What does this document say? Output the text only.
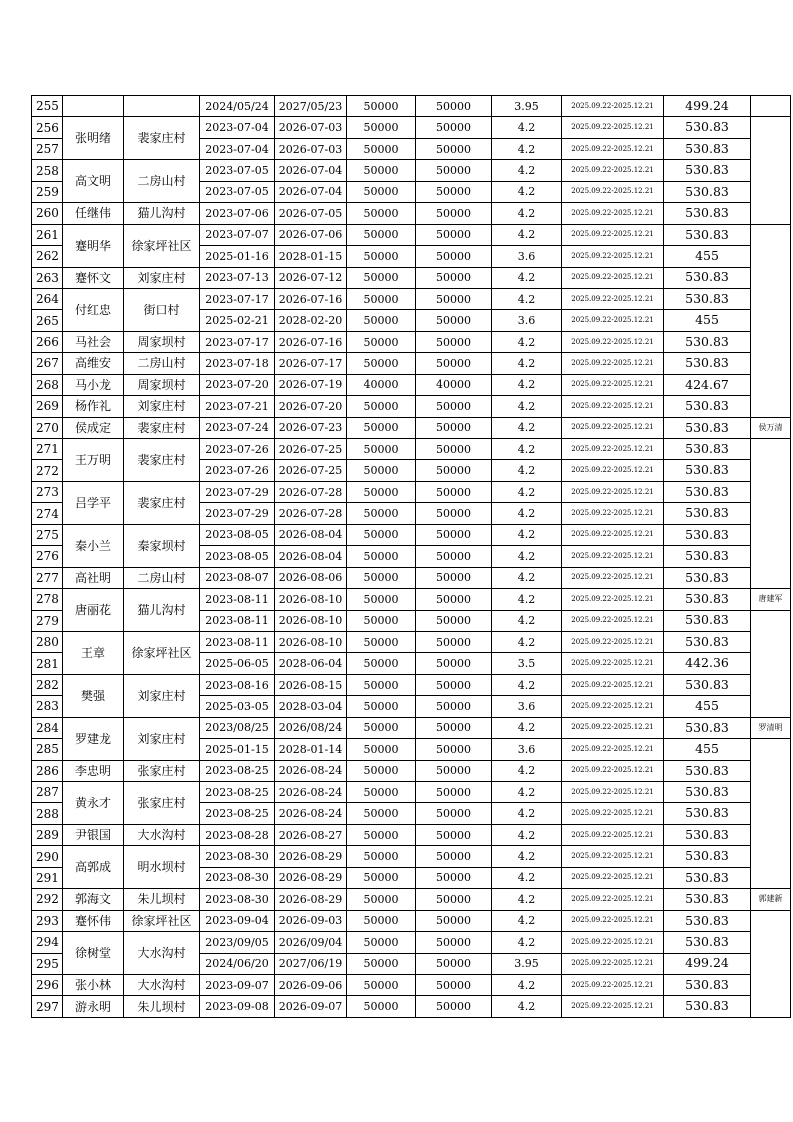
255			2024/05/24	2027/05/23	50000	50000	3.95	2025.09.22-2025.12.21	499.24	
256	张明绪	裴家庄村	2023-07-04	2026-07-03	50000	50000	4.2	2025.09.22-2025.12.21	530.83	
257			2023-07-04	2026-07-03	50000	50000	4.2	2025.09.22-2025.12.21	530.83	
258	高文明	二房山村	2023-07-05	2026-07-04	50000	50000	4.2	2025.09.22-2025.12.21	530.83	
259			2023-07-05	2026-07-04	50000	50000	4.2	2025.09.22-2025.12.21	530.83	
260	任继伟	猫儿沟村	2023-07-06	2026-07-05	50000	50000	4.2	2025.09.22-2025.12.21	530.83	
261	蹇明华	徐家坪社区	2023-07-07	2026-07-06	50000	50000	4.2	2025.09.22-2025.12.21	530.83	
262			2025-01-16	2028-01-15	50000	50000	3.6	2025.09.22-2025.12.21	455	
263	蹇怀文	刘家庄村	2023-07-13	2026-07-12	50000	50000	4.2	2025.09.22-2025.12.21	530.83	
264	付红忠	街口村	2023-07-17	2026-07-16	50000	50000	4.2	2025.09.22-2025.12.21	530.83	
265			2025-02-21	2028-02-20	50000	50000	3.6	2025.09.22-2025.12.21	455	
266	马社会	周家坝村	2023-07-17	2026-07-16	50000	50000	4.2	2025.09.22-2025.12.21	530.83	
267	高维安	二房山村	2023-07-18	2026-07-17	50000	50000	4.2	2025.09.22-2025.12.21	530.83	
268	马小龙	周家坝村	2023-07-20	2026-07-19	40000	40000	4.2	2025.09.22-2025.12.21	424.67	
269	杨作礼	刘家庄村	2023-07-21	2026-07-20	50000	50000	4.2	2025.09.22-2025.12.21	530.83	
270	侯成定	裴家庄村	2023-07-24	2026-07-23	50000	50000	4.2	2025.09.22-2025.12.21	530.83	侯万清
271	王万明	裴家庄村	2023-07-26	2026-07-25	50000	50000	4.2	2025.09.22-2025.12.21	530.83	
272			2023-07-26	2026-07-25	50000	50000	4.2	2025.09.22-2025.12.21	530.83	
273	吕学平	裴家庄村	2023-07-29	2026-07-28	50000	50000	4.2	2025.09.22-2025.12.21	530.83	
274			2023-07-29	2026-07-28	50000	50000	4.2	2025.09.22-2025.12.21	530.83	
275	秦小兰	秦家坝村	2023-08-05	2026-08-04	50000	50000	4.2	2025.09.22-2025.12.21	530.83	
276			2023-08-05	2026-08-04	50000	50000	4.2	2025.09.22-2025.12.21	530.83	
277	高社明	二房山村	2023-08-07	2026-08-06	50000	50000	4.2	2025.09.22-2025.12.21	530.83	
278	唐丽花	猫儿沟村	2023-08-11	2026-08-10	50000	50000	4.2	2025.09.22-2025.12.21	530.83	唐建军
279			2023-08-11	2026-08-10	50000	50000	4.2	2025.09.22-2025.12.21	530.83	
280	王章	徐家坪社区	2023-08-11	2026-08-10	50000	50000	4.2	2025.09.22-2025.12.21	530.83	
281			2025-06-05	2028-06-04	50000	50000	3.5	2025.09.22-2025.12.21	442.36	
282	樊强	刘家庄村	2023-08-16	2026-08-15	50000	50000	4.2	2025.09.22-2025.12.21	530.83	
283			2025-03-05	2028-03-04	50000	50000	3.6	2025.09.22-2025.12.21	455	
284	罗建龙	刘家庄村	2023/08/25	2026/08/24	50000	50000	4.2	2025.09.22-2025.12.21	530.83	罗清明
285			2025-01-15	2028-01-14	50000	50000	3.6	2025.09.22-2025.12.21	455	
286	李忠明	张家庄村	2023-08-25	2026-08-24	50000	50000	4.2	2025.09.22-2025.12.21	530.83	
287	黄永才	张家庄村	2023-08-25	2026-08-24	50000	50000	4.2	2025.09.22-2025.12.21	530.83	
288			2023-08-25	2026-08-24	50000	50000	4.2	2025.09.22-2025.12.21	530.83	
289	尹银国	大水沟村	2023-08-28	2026-08-27	50000	50000	4.2	2025.09.22-2025.12.21	530.83	
290	高郭成	明水坝村	2023-08-30	2026-08-29	50000	50000	4.2	2025.09.22-2025.12.21	530.83	
291			2023-08-30	2026-08-29	50000	50000	4.2	2025.09.22-2025.12.21	530.83	
292	郭海文	朱儿坝村	2023-08-30	2026-08-29	50000	50000	4.2	2025.09.22-2025.12.21	530.83	郭建新
293	蹇怀伟	徐家坪社区	2023-09-04	2026-09-03	50000	50000	4.2	2025.09.22-2025.12.21	530.83	
294	徐树堂	大水沟村	2023/09/05	2026/09/04	50000	50000	4.2	2025.09.22-2025.12.21	530.83	
295			2024/06/20	2027/06/19	50000	50000	3.95	2025.09.22-2025.12.21	499.24	
296	张小林	大水沟村	2023-09-07	2026-09-06	50000	50000	4.2	2025.09.22-2025.12.21	530.83	
297	游永明	朱儿坝村	2023-09-08	2026-09-07	50000	50000	4.2	2025.09.22-2025.12.21	530.83	
